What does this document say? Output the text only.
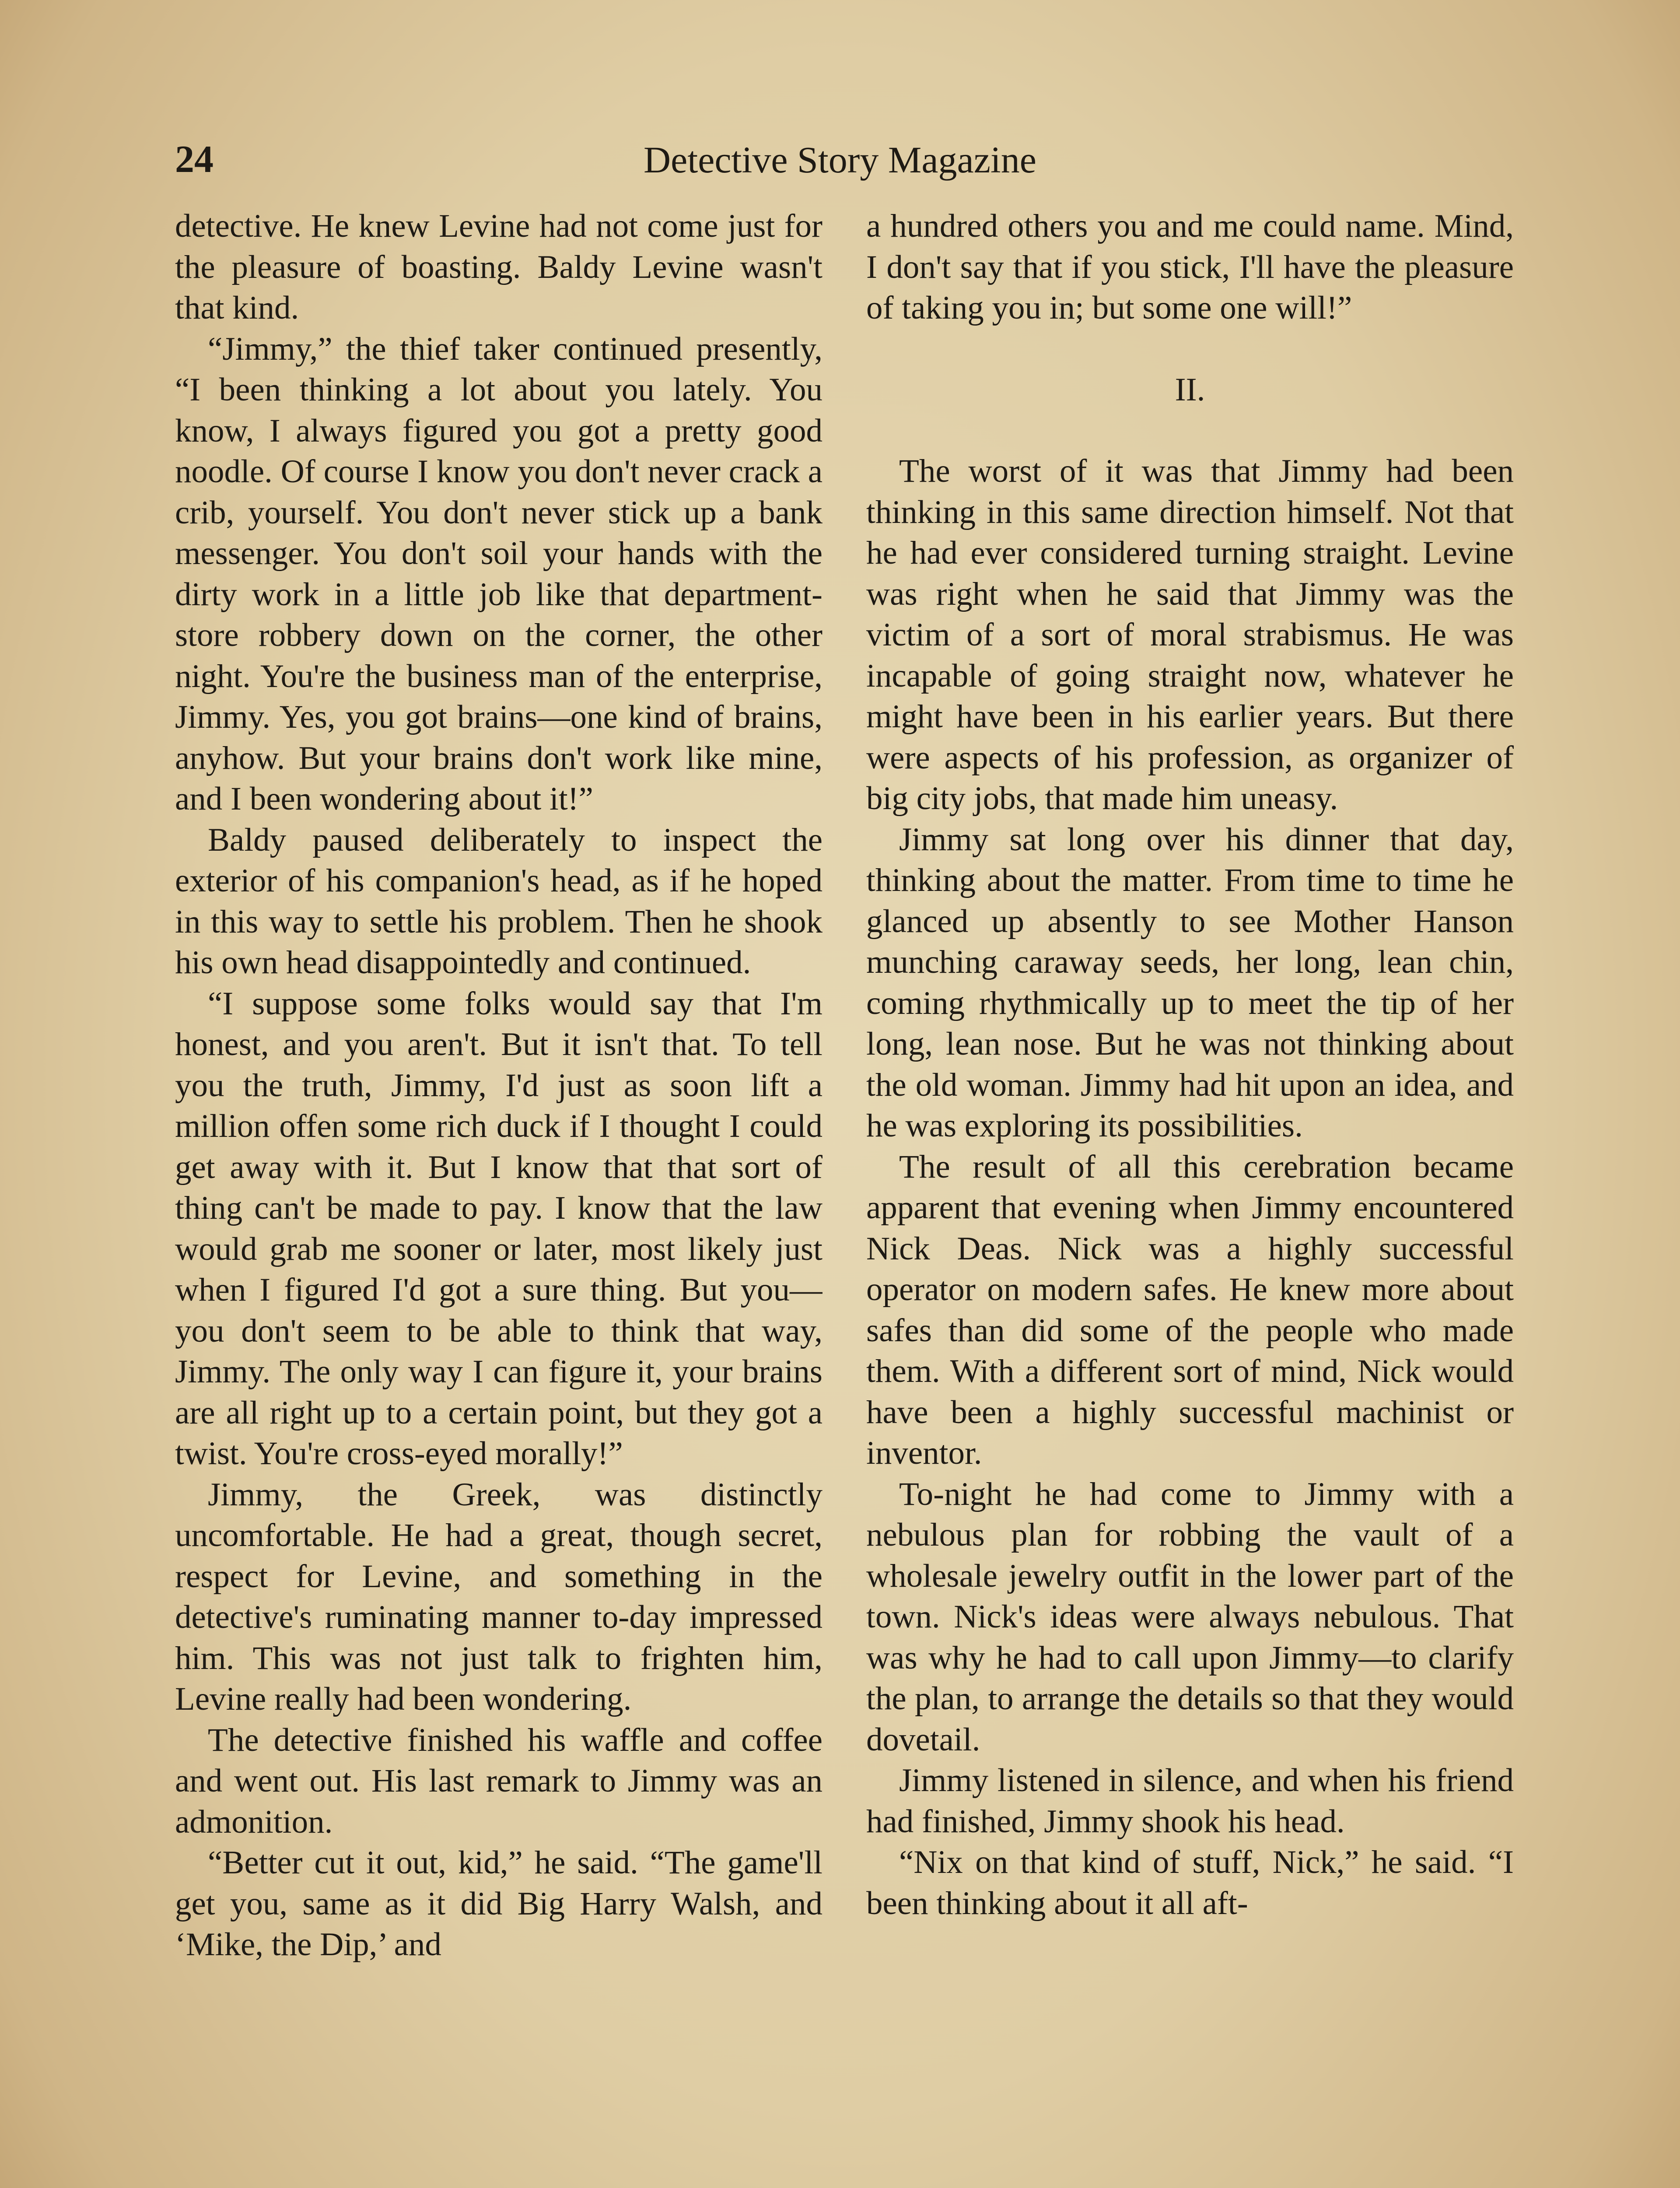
24	Detective Story Magazine

detective. He knew Levine had not come just for the pleasure of boasting. Baldy Levine wasn't that kind.

“Jimmy,” the thief taker continued presently, “I been thinking a lot about you lately. You know, I always figured you got a pretty good noodle. Of course I know you don't never crack a crib, yourself. You don't never stick up a bank messenger. You don't soil your hands with the dirty work in a little job like that department-store robbery down on the corner, the other night. You're the business man of the enterprise, Jimmy. Yes, you got brains—one kind of brains, anyhow. But your brains don't work like mine, and I been wondering about it!”

Baldy paused deliberately to inspect the exterior of his companion's head, as if he hoped in this way to settle his problem. Then he shook his own head disappointedly and continued.

“I suppose some folks would say that I'm honest, and you aren't. But it isn't that. To tell you the truth, Jimmy, I'd just as soon lift a million offen some rich duck if I thought I could get away with it. But I know that that sort of thing can't be made to pay. I know that the law would grab me sooner or later, most likely just when I figured I'd got a sure thing. But you—you don't seem to be able to think that way, Jimmy. The only way I can figure it, your brains are all right up to a certain point, but they got a twist. You're cross-eyed morally!”

Jimmy, the Greek, was distinctly uncomfortable. He had a great, though secret, respect for Levine, and something in the detective's ruminating manner to-day impressed him. This was not just talk to frighten him, Levine really had been wondering.

The detective finished his waffle and coffee and went out. His last remark to Jimmy was an admonition.

“Better cut it out, kid,” he said. “The game'll get you, same as it did Big Harry Walsh, and ‘Mike, the Dip,’ and

a hundred others you and me could name. Mind, I don't say that if you stick, I'll have the pleasure of taking you in; but some one will!”

II.

The worst of it was that Jimmy had been thinking in this same direction himself. Not that he had ever considered turning straight. Levine was right when he said that Jimmy was the victim of a sort of moral strabismus. He was incapable of going straight now, whatever he might have been in his earlier years. But there were aspects of his profession, as organizer of big city jobs, that made him uneasy.

Jimmy sat long over his dinner that day, thinking about the matter. From time to time he glanced up absently to see Mother Hanson munching caraway seeds, her long, lean chin, coming rhythmically up to meet the tip of her long, lean nose. But he was not thinking about the old woman. Jimmy had hit upon an idea, and he was exploring its possibilities.

The result of all this cerebration became apparent that evening when Jimmy encountered Nick Deas. Nick was a highly successful operator on modern safes. He knew more about safes than did some of the people who made them. With a different sort of mind, Nick would have been a highly successful machinist or inventor.

To-night he had come to Jimmy with a nebulous plan for robbing the vault of a wholesale jewelry outfit in the lower part of the town. Nick's ideas were always nebulous. That was why he had to call upon Jimmy—to clarify the plan, to arrange the details so that they would dovetail.

Jimmy listened in silence, and when his friend had finished, Jimmy shook his head.

“Nix on that kind of stuff, Nick,” he said. “I been thinking about it all aft-
